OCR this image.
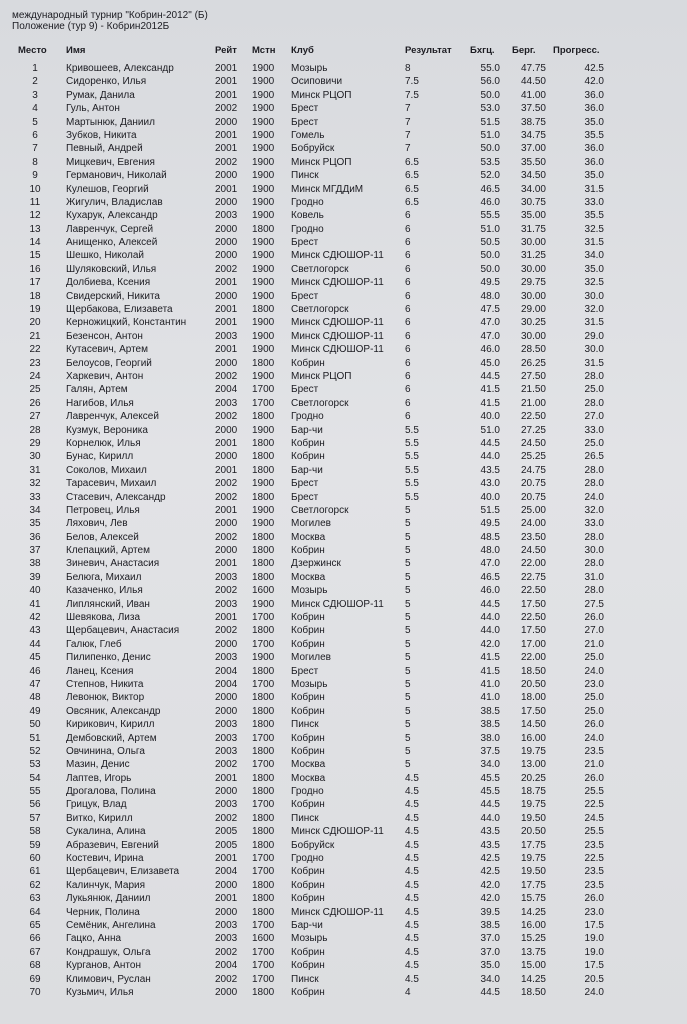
международный турнир "Кобрин-2012" (Б)
Положение (тур 9) - Кобрин2012Б
Место Имя	Рейт Мстн Клуб	Результат Бхгц. Берг. Прогресс.
1	Кривошеев, Александр	2001 1900 Мозырь	8	55.0	47.75	42.5
2	Сидоренко, Илья	2001 1900 Осиповичи	7.5	56.0	44.50	42.0
3	Румак, Данила	2001 1900 Минск РЦОП	7.5	50.0	41.00	36.0
4	Гуль, Антон	2002 1900 Брест	7	53.0	37.50	36.0
5	Мартынюк, Даниил	2000 1900 Брест	7	51.5	38.75	35.0
6	Зубков, Никита	2001 1900 Гомель	7	51.0	34.75	35.5
7	Певный, Андрей	2001 1900 Бобруйск	7	50.0	37.00	36.0
8	Мицкевич, Евгения	2002 1900 Минск РЦОП	6.5	53.5	35.50	36.0
9	Германович, Николай	2000 1900 Пинск	6.5	52.0	34.50	35.0
10	Кулешов, Георгий	2001 1900 Минск МГДДиМ	6.5	46.5	34.00	31.5
11	Жигулич, Владислав	2000 1900 Гродно	6.5	46.0	30.75	33.0
12	Кухарук, Александр	2003 1900 Ковель	6	55.5	35.00	35.5
13	Лавренчук, Сергей	2000 1800 Гродно	6	51.0	31.75	32.5
14	Анищенко, Алексей	2000 1900 Брест	6	50.5	30.00	31.5
15	Шешко, Николай	2000 1900 Минск СДЮШОР-11 6	50.0	31.25	34.0
16	Шуляковский, Илья	2002 1900 Светлогорск	6	50.0	30.00	35.0
17	Долбиева, Ксения	2001 1900 Минск СДЮШОР-11 6	49.5	29.75	32.5
18	Свидерский, Никита	2000 1900 Брест	6	48.0	30.00	30.0
19	Щербакова, Елизавета	2001 1800 Светлогорск	6	47.5	29.00	32.0
20	Керножицкий, Константин	2001 1900 Минск СДЮШОР-11 6	47.0	30.25	31.5
21	Безенсон, Антон	2003 1900 Минск СДЮШОР-11 6	47.0	30.00	29.0
22	Кутасевич, Артем	2001 1900 Минск СДЮШОР-11 6	46.0	28.50	30.0
23	Белоусов, Георгий	2000 1800 Кобрин	6	45.0	26.25	31.5
24	Харкевич, Антон	2002 1900 Минск РЦОП	6	44.5	27.50	28.0
25	Галян, Артем	2004 1700 Брест	6	41.5	21.50	25.0
26	Нагибов, Илья	2003 1700 Светлогорск	6	41.5	21.00	28.0
27	Лавренчук, Алексей	2002 1800 Гродно	6	40.0	22.50	27.0
28	Кузмук, Вероника	2000 1900 Бар-чи	5.5	51.0	27.25	33.0
29	Корнелюк, Илья	2001 1800 Кобрин	5.5	44.5	24.50	25.0
30	Бунас, Кирилл	2000 1800 Кобрин	5.5	44.0	25.25	26.5
31	Соколов, Михаил	2001 1800 Бар-чи	5.5	43.5	24.75	28.0
32	Тарасевич, Михаил	2002 1900 Брест	5.5	43.0	20.75	28.0
33	Стасевич, Александр	2002 1800 Брест	5.5	40.0	20.75	24.0
34	Петровец, Илья	2001 1900 Светлогорск	5	51.5	25.00	32.0
35	Ляхович, Лев	2000 1900 Могилев	5	49.5	24.00	33.0
36	Белов, Алексей	2002 1800 Москва	5	48.5	23.50	28.0
37	Клепацкий, Артем	2000 1800 Кобрин	5	48.0	24.50	30.0
38	Зиневич, Анастасия	2001 1800 Дзержинск	5	47.0	22.00	28.0
39	Белюга, Михаил	2003 1800 Москва	5	46.5	22.75	31.0
40	Казаченко, Илья	2002 1600 Мозырь	5	46.0	22.50	28.0
41	Липлянский, Иван	2003 1900 Минск СДЮШОР-11 5	44.5	17.50	27.5
42	Шевякова, Лиза	2001 1700 Кобрин	5	44.0	22.50	26.0
43	Щербацевич, Анастасия	2002 1800 Кобрин	5	44.0	17.50	27.0
44	Галюк, Глеб	2000 1700 Кобрин	5	42.0	17.00	21.0
45	Пилипенко, Денис	2003 1900 Могилев	5	41.5	22.00	25.0
46	Ланец, Ксения	2004 1800 Брест	5	41.5	18.50	24.0
47	Степнов, Никита	2004 1700 Мозырь	5	41.0	20.50	23.0
48	Левонюк, Виктор	2000 1800 Кобрин	5	41.0	18.00	25.0
49	Овсяник, Александр	2000 1800 Кобрин	5	38.5	17.50	25.0
50	Кирикович, Кирилл	2003 1800 Пинск	5	38.5	14.50	26.0
51	Дембовский, Артем	2003 1700 Кобрин	5	38.0	16.00	24.0
52	Овчинина, Ольга	2003 1800 Кобрин	5	37.5	19.75	23.5
53	Мазин, Денис	2002 1700 Москва	5	34.0	13.00	21.0
54	Лаптев, Игорь	2001 1800 Москва	4.5	45.5	20.25	26.0
55	Дрогалова, Полина	2000 1800 Гродно	4.5	45.5	18.75	25.5
56	Грицук, Влад	2003 1700 Кобрин	4.5	44.5	19.75	22.5
57	Витко, Кирилл	2002 1800 Пинск	4.5	44.0	19.50	24.5
58	Сукалина, Алина	2005 1800 Минск СДЮШОР-11 4.5	43.5	20.50	25.5
59	Абразевич, Евгений	2005 1800 Бобруйск	4.5	43.5	17.75	23.5
60	Костевич, Ирина	2001 1700 Гродно	4.5	42.5	19.75	22.5
61	Щербацевич, Елизавета	2004 1700 Кобрин	4.5	42.5	19.50	23.5
62	Калинчук, Мария	2000 1800 Кобрин	4.5	42.0	17.75	23.5
63	Лукьянюк, Даниил	2001 1800 Кобрин	4.5	42.0	15.75	26.0
64	Черник, Полина	2000 1800 Минск СДЮШОР-11 4.5	39.5	14.25	23.0
65	Семёник, Ангелина	2003 1700 Бар-чи	4.5	38.5	16.00	17.5
66	Гацко, Анна	2003 1600 Мозырь	4.5	37.0	15.25	19.0
67	Кондрашук, Ольга	2002 1700 Кобрин	4.5	37.0	13.75	19.0
68	Курганов, Антон	2004 1700 Кобрин	4.5	35.0	15.00	17.5
69	Климович, Руслан	2002 1700 Пинск	4.5	34.0	14.25	20.5
70	Кузьмич, Илья	2000 1800 Кобрин	4	44.5	18.50	24.0
